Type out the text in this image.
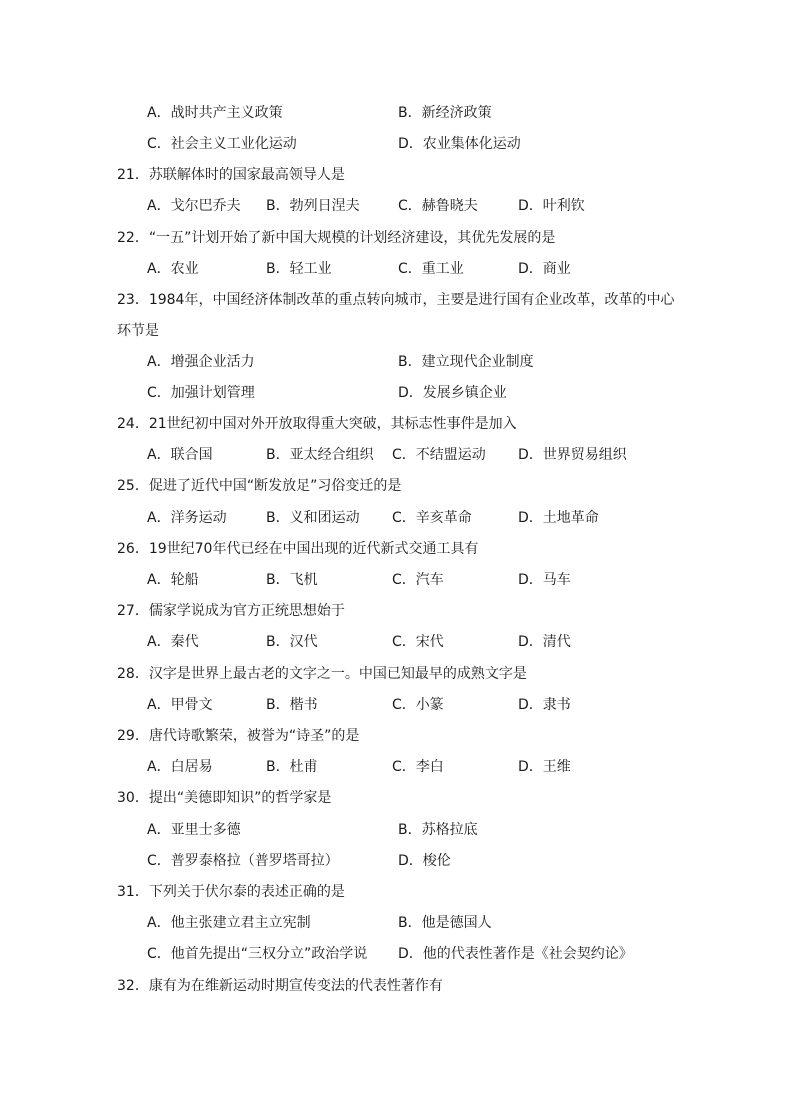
A．战时共产主义政策	B．新经济政策
C．社会主义工业化运动	D．农业集体化运动
21．苏联解体时的国家最高领导人是
A．戈尔巴乔夫 B．勃列日涅夫	C．赫鲁晓夫	D．叶利钦
22．“一五”计划开始了新中国大规模的计划经济建设，其优先发展的是
A．农业	B．轻工业	C．重工业	D．商业
23．1984年，中国经济体制改革的重点转向城市，主要是进行国有企业改革，改革的中心
环节是
A．增强企业活力	B．建立现代企业制度
C．加强计划管理	D．发展乡镇企业
24．21世纪初中国对外开放取得重大突破，其标志性事件是加入
A．联合国	B．亚太经合组织 C．不结盟运动 D．世界贸易组织
25．促进了近代中国“断发放足”习俗变迁的是
A．洋务运动	B．义和团运动 C．辛亥革命	D．土地革命
26．19世纪70年代已经在中国出现的近代新式交通工具有
A．轮船	B．飞机	C．汽车	D．马车
27．儒家学说成为官方正统思想始于
A．秦代	B．汉代	C．宋代	D．清代
28．汉字是世界上最古老的文字之一。中国已知最早的成熟文字是
A．甲骨文	B．楷书	C．小篆	D．隶书
29．唐代诗歌繁荣，被誉为“诗圣”的是
A．白居易	B．杜甫	C．李白	D．王维
30．提出“美德即知识”的哲学家是
A．亚里士多德	B．苏格拉底
C．普罗泰格拉（普罗塔哥拉）	D．梭伦
31．下列关于伏尔泰的表述正确的是
A．他主张建立君主立宪制	B．他是德国人
C．他首先提出“三权分立”政治学说 D．他的代表性著作是《社会契约论》
32．康有为在维新运动时期宣传变法的代表性著作有
